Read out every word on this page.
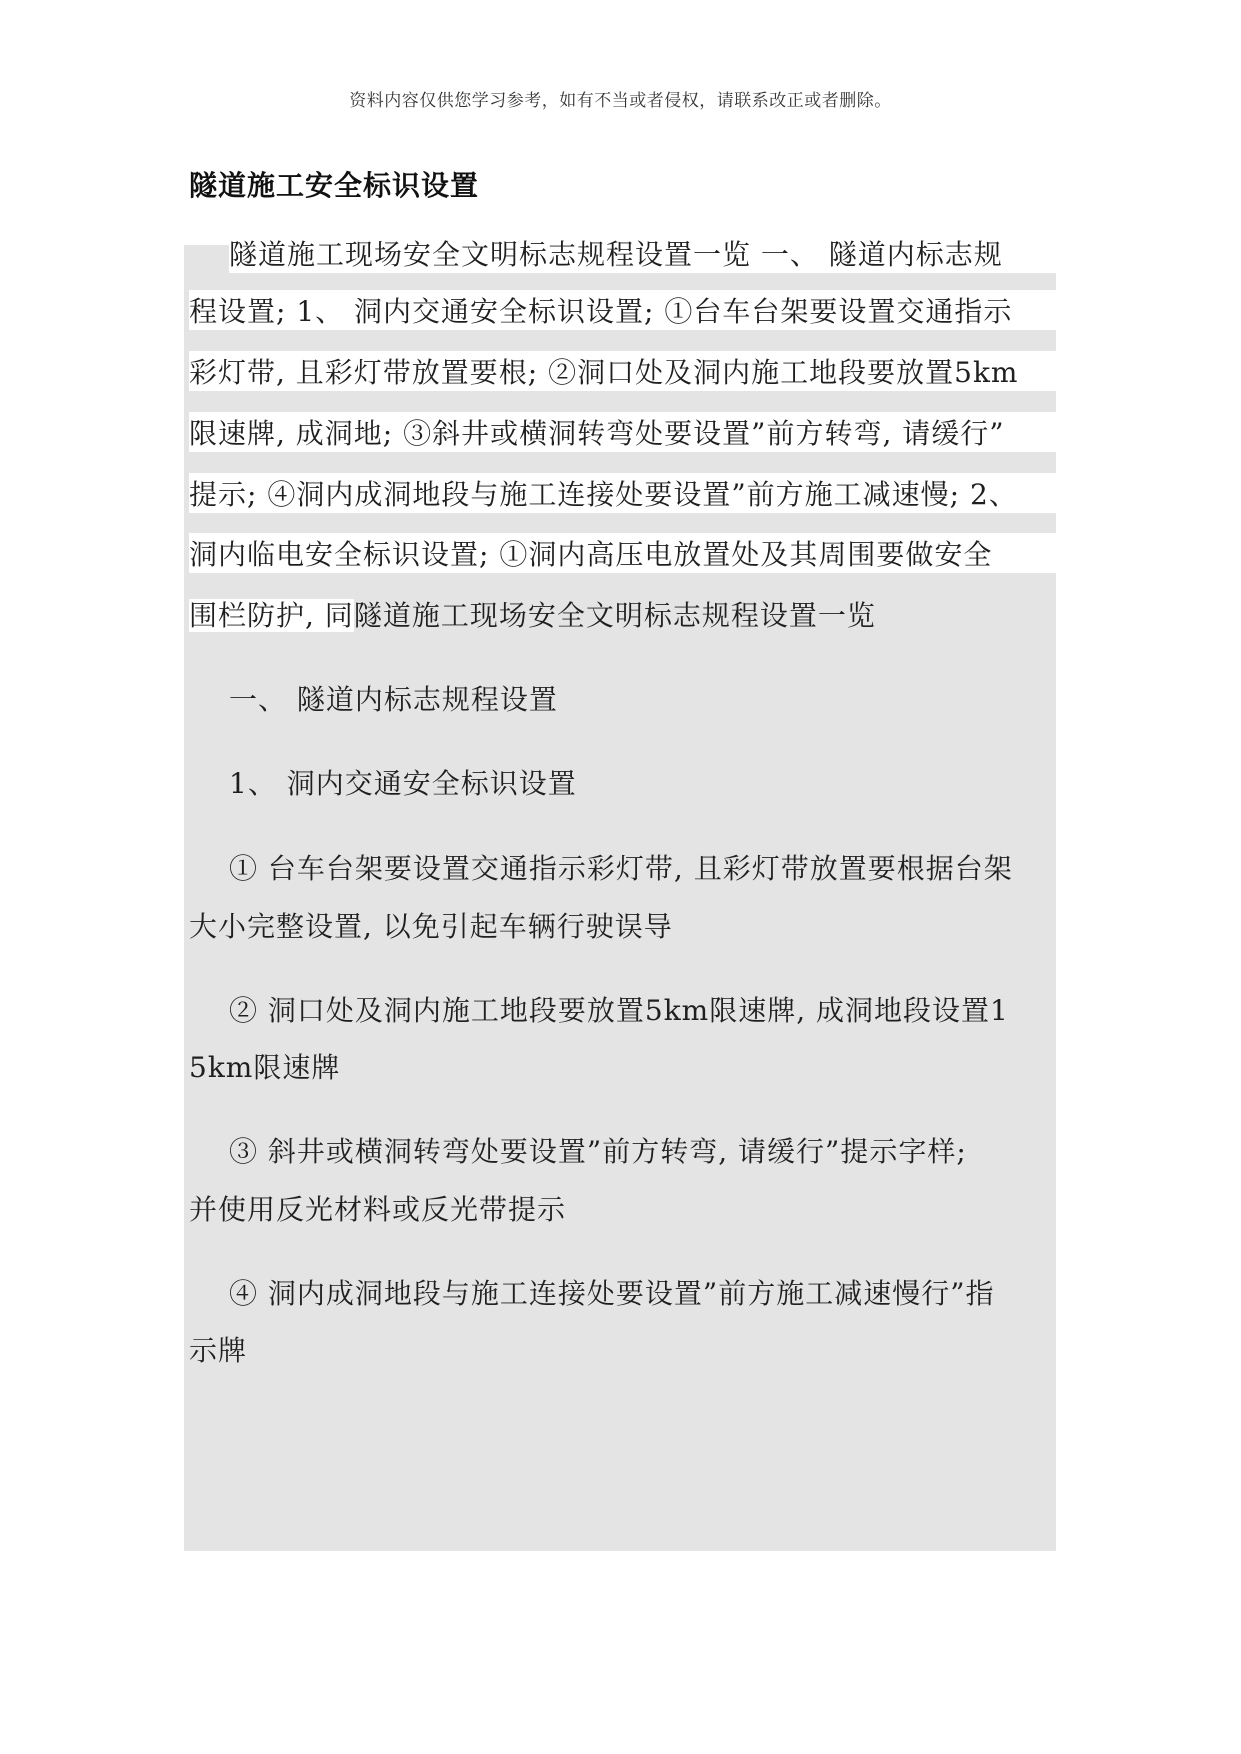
资料内容仅供您学习参考，如有不当或者侵权，请联系改正或者删除。
隧道施工安全标识设置
隧道施工现场安全文明标志规程设置一览 一、 隧道内标志规
程设置; 1、 洞内交通安全标识设置; ①台车台架要设置交通指示
彩灯带, 且彩灯带放置要根; ②洞口处及洞内施工地段要放置5km
限速牌, 成洞地; ③斜井或横洞转弯处要设置”前方转弯, 请缓行”
提示; ④洞内成洞地段与施工连接处要设置”前方施工减速慢; 2、
洞内临电安全标识设置; ①洞内高压电放置处及其周围要做安全
围栏防护, 同隧道施工现场安全文明标志规程设置一览
一、 隧道内标志规程设置
1、 洞内交通安全标识设置
① 台车台架要设置交通指示彩灯带, 且彩灯带放置要根据台架
大小完整设置, 以免引起车辆行驶误导
② 洞口处及洞内施工地段要放置5km限速牌, 成洞地段设置1
5km限速牌
③ 斜井或横洞转弯处要设置”前方转弯, 请缓行”提示字样;
并使用反光材料或反光带提示
④ 洞内成洞地段与施工连接处要设置”前方施工减速慢行”指
示牌
